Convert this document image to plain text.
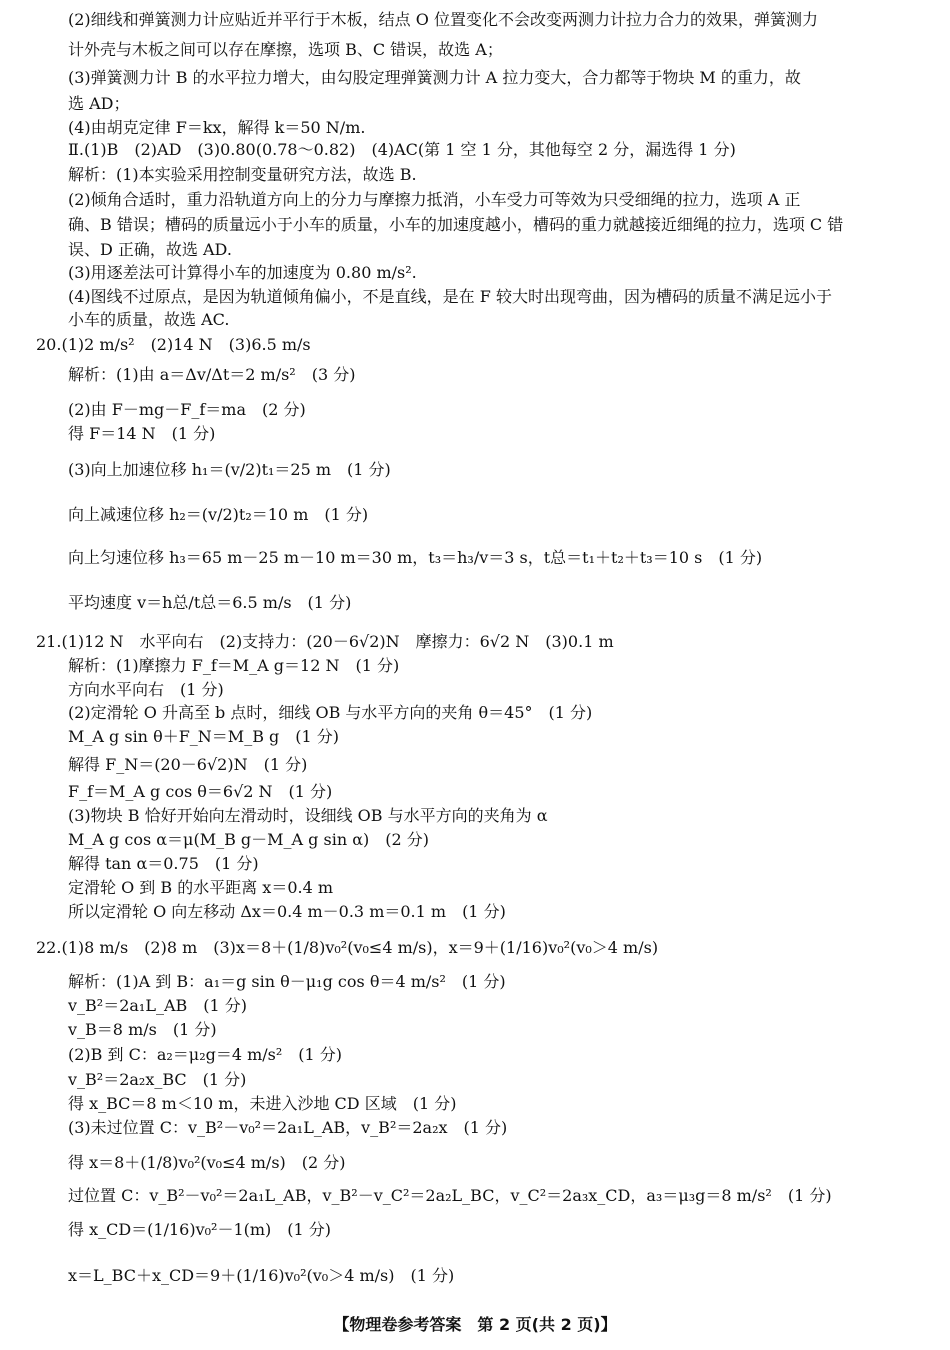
(2)细线和弹簧测力计应贴近并平行于木板，结点 O 位置变化不会改变两测力计拉力合力的效果，弹簧测力
计外壳与木板之间可以存在摩擦，选项 B、C 错误，故选 A；
(3)弹簧测力计 B 的水平拉力增大，由勾股定理弹簧测力计 A 拉力变大，合力都等于物块 M 的重力，故
选 AD；
(4)由胡克定律 F＝kx，解得 k＝50 N/m.
Ⅱ.(1)B　(2)AD　(3)0.80(0.78～0.82)　(4)AC(第 1 空 1 分，其他每空 2 分，漏选得 1 分)
解析：(1)本实验采用控制变量研究方法，故选 B.
(2)倾角合适时，重力沿轨道方向上的分力与摩擦力抵消，小车受力可等效为只受细绳的拉力，选项 A 正
确、B 错误；槽码的质量远小于小车的质量，小车的加速度越小，槽码的重力就越接近细绳的拉力，选项 C 错
误、D 正确，故选 AD.
(3)用逐差法可计算得小车的加速度为 0.80 m/s².
(4)图线不过原点，是因为轨道倾角偏小，不是直线，是在 F 较大时出现弯曲，因为槽码的质量不满足远小于
小车的质量，故选 AC.
20.(1)2 m/s²　(2)14 N　(3)6.5 m/s
解析：(1)由 a＝Δv/Δt＝2 m/s²　(3 分)
(2)由 F－mg－F_f＝ma　(2 分)
得 F＝14 N　(1 分)
(3)向上加速位移 h₁＝(v/2)t₁＝25 m　(1 分)
向上减速位移 h₂＝(v/2)t₂＝10 m　(1 分)
向上匀速位移 h₃＝65 m－25 m－10 m＝30 m，t₃＝h₃/v＝3 s，t总＝t₁＋t₂＋t₃＝10 s　(1 分)
平均速度 v＝h总/t总＝6.5 m/s　(1 分)
21.(1)12 N　水平向右　(2)支持力：(20－6√2)N　摩擦力：6√2 N　(3)0.1 m
解析：(1)摩擦力 F_f＝M_A g＝12 N　(1 分)
方向水平向右　(1 分)
(2)定滑轮 O 升高至 b 点时，细线 OB 与水平方向的夹角 θ＝45°　(1 分)
M_A g sin θ＋F_N＝M_B g　(1 分)
解得 F_N＝(20－6√2)N　(1 分)
F_f＝M_A g cos θ＝6√2 N　(1 分)
(3)物块 B 恰好开始向左滑动时，设细线 OB 与水平方向的夹角为 α
M_A g cos α＝μ(M_B g－M_A g sin α)　(2 分)
解得 tan α＝0.75　(1 分)
定滑轮 O 到 B 的水平距离 x＝0.4 m
所以定滑轮 O 向左移动 Δx＝0.4 m－0.3 m＝0.1 m　(1 分)
22.(1)8 m/s　(2)8 m　(3)x＝8＋(1/8)v₀²(v₀≤4 m/s)，x＝9＋(1/16)v₀²(v₀＞4 m/s)
解析：(1)A 到 B：a₁＝g sin θ－μ₁g cos θ＝4 m/s²　(1 分)
v_B²＝2a₁L_AB　(1 分)
v_B＝8 m/s　(1 分)
(2)B 到 C：a₂＝μ₂g＝4 m/s²　(1 分)
v_B²＝2a₂x_BC　(1 分)
得 x_BC＝8 m＜10 m，未进入沙地 CD 区域　(1 分)
(3)未过位置 C：v_B²－v₀²＝2a₁L_AB，v_B²＝2a₂x　(1 分)
得 x＝8＋(1/8)v₀²(v₀≤4 m/s)　(2 分)
过位置 C：v_B²－v₀²＝2a₁L_AB，v_B²－v_C²＝2a₂L_BC，v_C²＝2a₃x_CD，a₃＝μ₃g＝8 m/s²　(1 分)
得 x_CD＝(1/16)v₀²－1(m)　(1 分)
x＝L_BC＋x_CD＝9＋(1/16)v₀²(v₀＞4 m/s)　(1 分)
【物理卷参考答案　第 2 页(共 2 页)】
